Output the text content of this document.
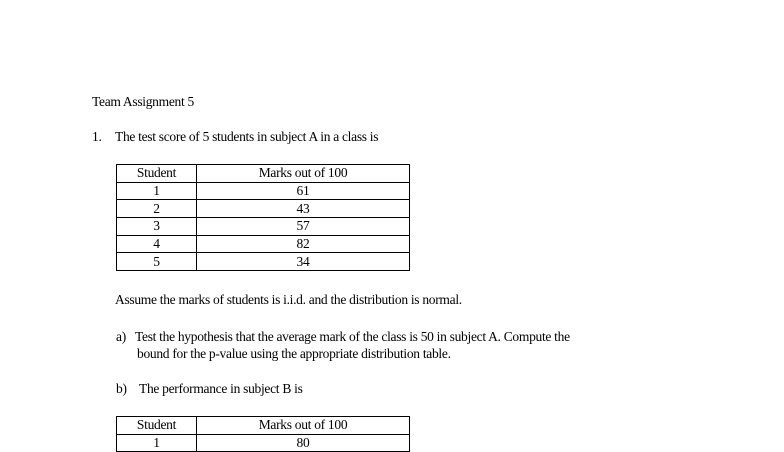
Team Assignment 5
1. The test score of 5 students in subject A in a class is
Student	Marks out of 100
1	61
2	43
3	57
4	82
5	34
Assume the marks of students is i.i.d. and the distribution is normal.
a) Test the hypothesis that the average mark of the class is 50 in subject A. Compute the
bound for the p-value using the appropriate distribution table.
b) The performance in subject B is
Student	Marks out of 100
1	80
